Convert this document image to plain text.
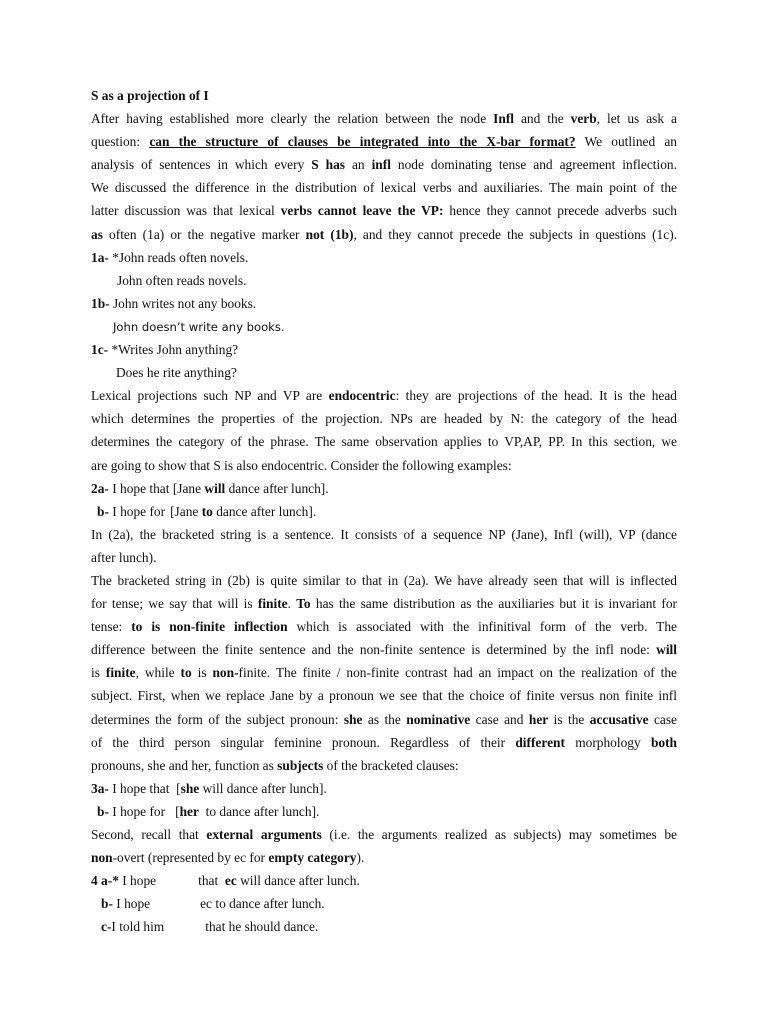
S as a projection of I
After having established more clearly the relation between the node Infl and the verb, let us ask a
question: can the structure of clauses be integrated into the X-bar format? We outlined an
analysis of sentences in which every S has an infl node dominating tense and agreement inflection.
We discussed the difference in the distribution of lexical verbs and auxiliaries. The main point of the
latter discussion was that lexical verbs cannot leave the VP: hence they cannot precede adverbs such
as often (1a) or the negative marker not (1b), and they cannot precede the subjects in questions (1c).
1a- *John reads often novels.
John often reads novels.
1b- John writes not any books.
John doesn’t write any books.
1c- *Writes John anything?
Does he rite anything?
Lexical projections such NP and VP are endocentric: they are projections of the head. It is the head
which determines the properties of the projection. NPs are headed by N: the category of the head
determines the category of the phrase. The same observation applies to VP,AP, PP. In this section, we
are going to show that S is also endocentric. Consider the following examples:
2a- I hope that [Jane will dance after lunch].
b- I hope for [Jane to dance after lunch].
In (2a), the bracketed string is a sentence. It consists of a sequence NP (Jane), Infl (will), VP (dance
after lunch).
The bracketed string in (2b) is quite similar to that in (2a). We have already seen that will is inflected
for tense; we say that will is finite. To has the same distribution as the auxiliaries but it is invariant for
tense: to is non-finite inflection which is associated with the infinitival form of the verb. The
difference between the finite sentence and the non-finite sentence is determined by the infl node: will
is finite, while to is non-finite. The finite / non-finite contrast had an impact on the realization of the
subject. First, when we replace Jane by a pronoun we see that the choice of finite versus non finite infl
determines the form of the subject pronoun: she as the nominative case and her is the accusative case
of the third person singular feminine pronoun. Regardless of their different morphology both
pronouns, she and her, function as subjects of the bracketed clauses:
3a- I hope that  [she will dance after lunch].
b- I hope for   [her  to dance after lunch].
Second, recall that external arguments (i.e. the arguments realized as subjects) may sometimes be
non-overt (represented by ec for empty category).
4 a-* I hope	that  ec will dance after lunch.
b- I hope	ec to dance after lunch.
c-I told him	that he should dance.
